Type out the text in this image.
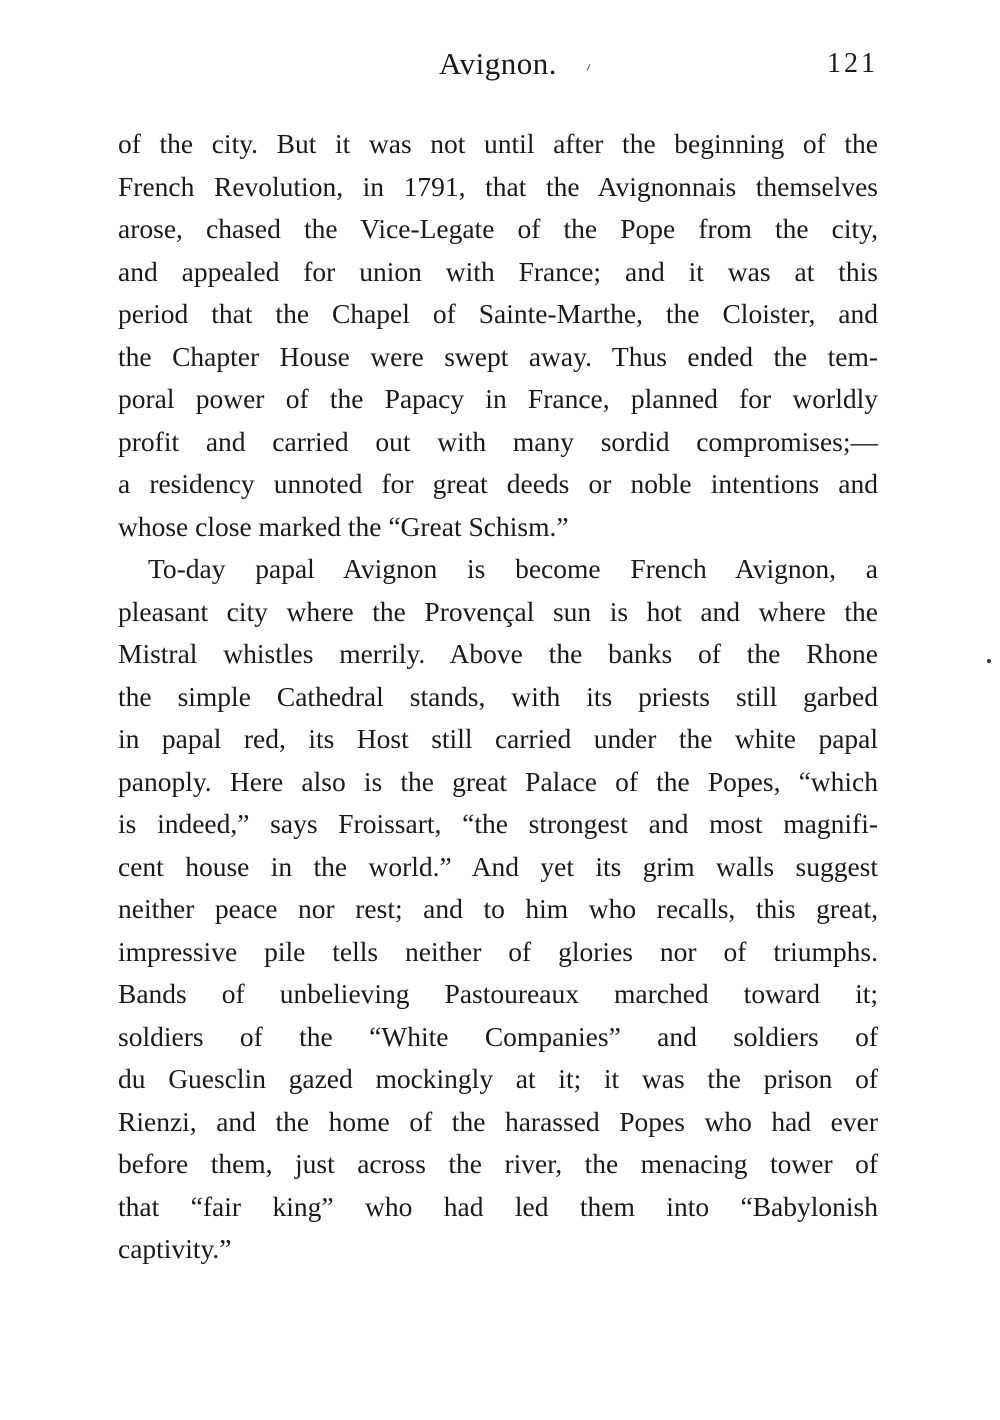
Avignon.	121
of the city. But it was not until after the beginning of the
French Revolution, in 1791, that the Avignonnais themselves
arose, chased the Vice-Legate of the Pope from the city,
and appealed for union with France; and it was at this
period that the Chapel of Sainte-Marthe, the Cloister, and
the Chapter House were swept away. Thus ended the tem-
poral power of the Papacy in France, planned for worldly
profit and carried out with many sordid compromises;—
a residency unnoted for great deeds or noble intentions and
whose close marked the “Great Schism.”
To-day papal Avignon is become French Avignon, a
pleasant city where the Provençal sun is hot and where the
Mistral whistles merrily. Above the banks of the Rhone
the simple Cathedral stands, with its priests still garbed
in papal red, its Host still carried under the white papal
panoply. Here also is the great Palace of the Popes, “which
is indeed,” says Froissart, “the strongest and most magnifi-
cent house in the world.” And yet its grim walls suggest
neither peace nor rest; and to him who recalls, this great,
impressive pile tells neither of glories nor of triumphs.
Bands of unbelieving Pastoureaux marched toward it;
soldiers of the “White Companies” and soldiers of
du Guesclin gazed mockingly at it; it was the prison of
Rienzi, and the home of the harassed Popes who had ever
before them, just across the river, the menacing tower of
that “fair king” who had led them into “Babylonish
captivity.”
